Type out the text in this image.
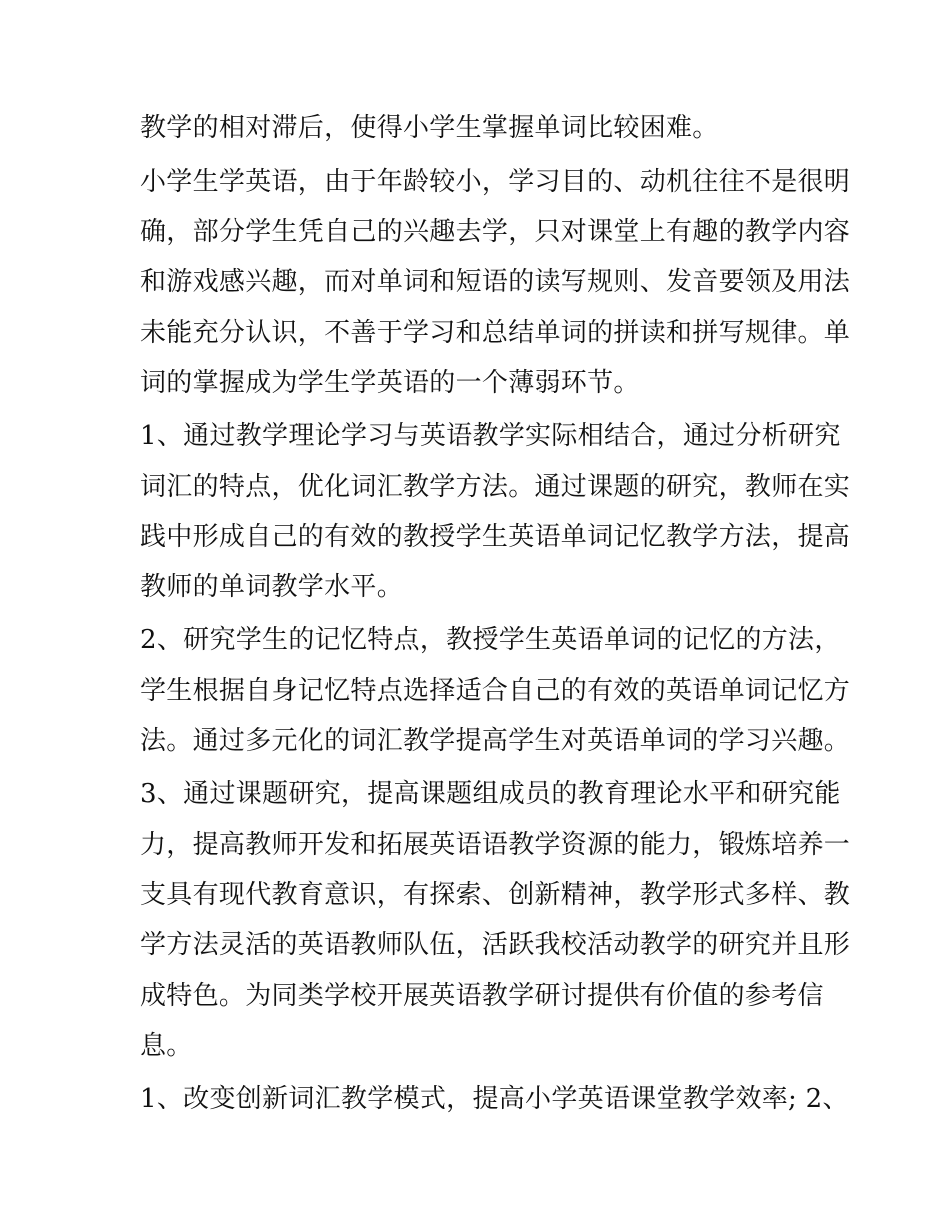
教学的相对滞后，使得小学生掌握单词比较困难。
小学生学英语，由于年龄较小，学习目的、动机往往不是很明
确，部分学生凭自己的兴趣去学，只对课堂上有趣的教学内容
和游戏感兴趣，而对单词和短语的读写规则、发音要领及用法
未能充分认识，不善于学习和总结单词的拼读和拼写规律。单
词的掌握成为学生学英语的一个薄弱环节。
1、通过教学理论学习与英语教学实际相结合，通过分析研究
词汇的特点，优化词汇教学方法。通过课题的研究，教师在实
践中形成自己的有效的教授学生英语单词记忆教学方法，提高
教师的单词教学水平。
2、研究学生的记忆特点，教授学生英语单词的记忆的方法，
学生根据自身记忆特点选择适合自己的有效的英语单词记忆方
法。通过多元化的词汇教学提高学生对英语单词的学习兴趣。
3、通过课题研究，提高课题组成员的教育理论水平和研究能
力，提高教师开发和拓展英语语教学资源的能力，锻炼培养一
支具有现代教育意识，有探索、创新精神，教学形式多样、教
学方法灵活的英语教师队伍，活跃我校活动教学的研究并且形
成特色。为同类学校开展英语教学研讨提供有价值的参考信
息。
1、改变创新词汇教学模式，提高小学英语课堂教学效率; 2、
